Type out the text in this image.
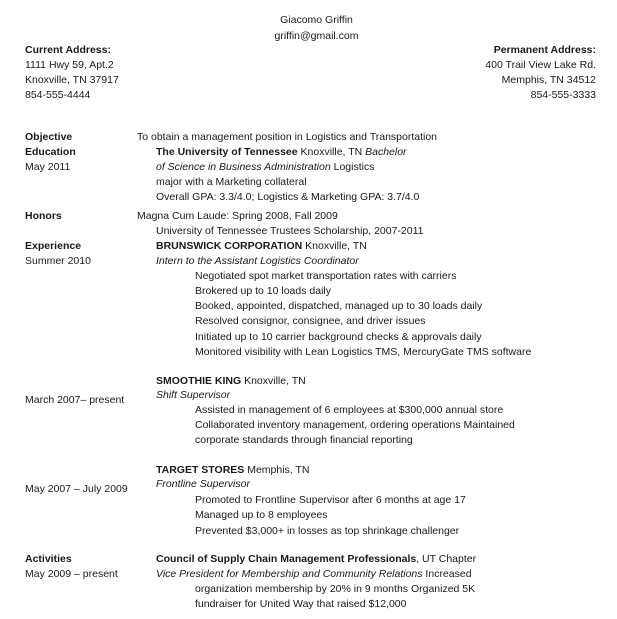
Giacomo Griffin
griffin@gmail.com
Current Address:
1111 Hwy 59, Apt.2
Knoxville, TN 37917
854-555-4444
Permanent Address:
400 Trail View Lake Rd.
Memphis, TN 34512
854-555-3333
Objective	To obtain a management position in Logistics and Transportation
Education
May 2011
The University of Tennessee Knoxville, TN Bachelor
of Science in Business Administration Logistics
major with a Marketing collateral
Overall GPA: 3.3/4.0; Logistics & Marketing GPA: 3.7/4.0
Honors	Magna Cum Laude: Spring 2008, Fall 2009
University of Tennessee Trustees Scholarship, 2007-2011
Experience
Summer 2010
BRUNSWICK CORPORATION Knoxville, TN
Intern to the Assistant Logistics Coordinator
Negotiated spot market transportation rates with carriers
Brokered up to 10 loads daily
Booked, appointed, dispatched, managed up to 30 loads daily
Resolved consignor, consignee, and driver issues
Initiated up to 10 carrier background checks & approvals daily
Monitored visibility with Lean Logistics TMS, MercuryGate TMS software
SMOOTHIE KING Knoxville, TN
Shift Supervisor
March 2007– present
Assisted in management of 6 employees at $300,000 annual store
Collaborated inventory management, ordering operations Maintained
corporate standards through financial reporting
TARGET STORES Memphis, TN
Frontline Supervisor
May 2007 – July 2009
Promoted to Frontline Supervisor after 6 months at age 17
Managed up to 8 employees
Prevented $3,000+ in losses as top shrinkage challenger
Activities
May 2009 – present
Council of Supply Chain Management Professionals, UT Chapter
Vice President for Membership and Community Relations Increased
organization membership by 20% in 9 months Organized 5K
fundraiser for United Way that raised $12,000
